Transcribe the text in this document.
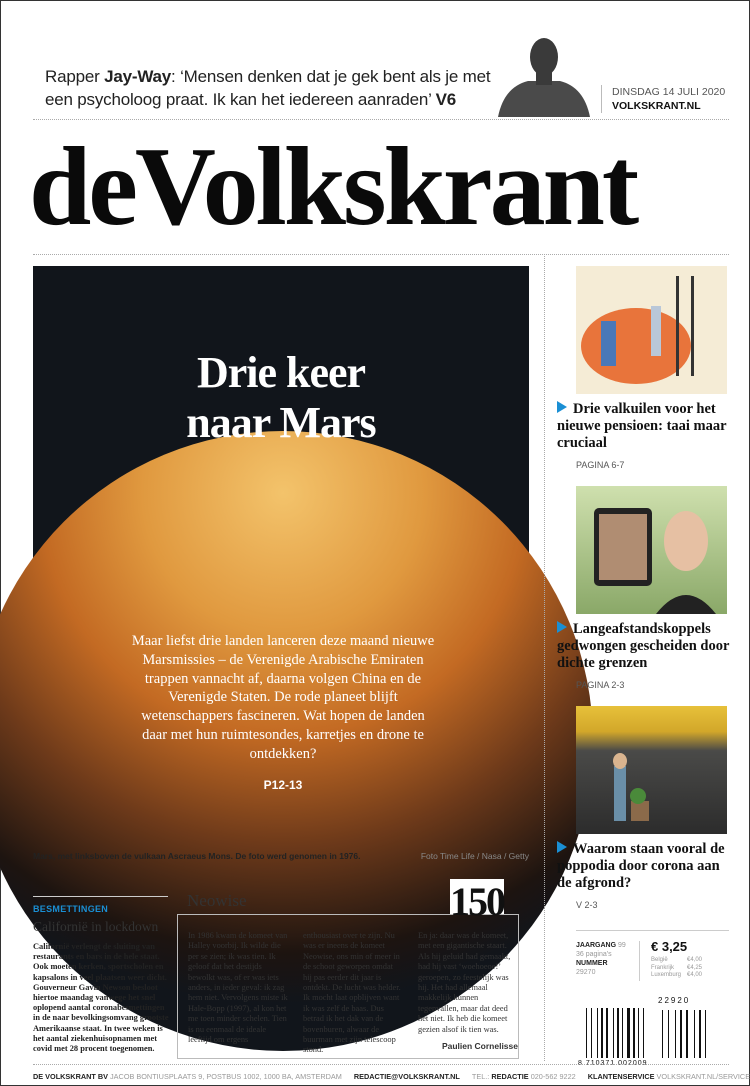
Rapper Jay-Way: ‘Mensen denken dat je gek bent als je met een psycholoog praat. Ik kan het iedereen aanraden’ V6	DINSDAG 14 JULI 2020
VOLKSKRANT.NL
deVolkskrant
Drie keer
naar Mars
Maar liefst drie landen lanceren deze maand nieuwe Marsmissies – de Verenigde Arabische Emiraten trappen vannacht af, daarna volgen China en de Verenigde Staten. De rode planeet blijft wetenschappers fascineren. Wat hopen de landen daar met hun ruimtesondes, karretjes en drone te ontdekken?
P12-13
Mars, met linksboven de vulkaan Ascraeus Mons. De foto werd genomen in 1976.	Foto Time Life / Nasa / Getty
Drie valkuilen voor het nieuwe pensioen: taai maar cruciaal
PAGINA 6-7
Langeafstandskoppels gedwongen gescheiden door dichte grenzen
PAGINA 2-3
Waarom staan vooral de poppodia door corona aan de afgrond?
V 2-3
JAARGANG 99
36 pagina's
NUMMER
29270
€ 3,25
België	€4,00
Frankrijk €4,25
Luxemburg €4,00
22920
8 710371 002009
BESMETTINGEN
Californië in lockdown
Californië verlengt de sluiting van restaurants en bars in de hele staat. Ook moeten kerken, sportscholen en kapsalons in veel plaatsen weer dicht. Gouverneur Gavin Newson besloot hiertoe maandag vanwege het snel oplopend aantal coronabesmettingen in de naar bevolkingsomvang grootste Amerikaanse staat. In twee weken is het aantal ziekenhuisopnamen met covid met 28 procent toegenomen.
Neowise	150
In 1986 kwam de komeet van Halley voorbij. Ik wilde die per se zien; ik was tien. Ik geloof dat het destijds bewolkt was, of er was iets anders, in ieder geval: ik zag hem niet. Vervolgens miste ik Hale-Bopp (1997), al kon het me toen minder schelen. Tien is nu eenmaal de ideale leeftijd om ergens
enthousiast over te zijn. Nu was er ineens de komeet Neowise, ons min of meer in de schoot geworpen omdat hij pas eerder dit jaar is ontdekt. De lucht was helder. Ik mocht laat opblijven want ik was zelf de baas. Dus betrad ik het dak van de bovenburen, alwaar de buurman met zijn telescoop stond.
En ja: daar was de komeet, met een gigantische staart. Als hij geluid had gemaakt, had hij vast ‘woehoeoe!’ geroepen, zo feestelijk was hij. Het had allemaal makkelijk kunnen tegenvallen, maar dat deed het niet. Ik heb die komeet gezien alsof ik tien was.
Paulien Cornelisse
DE VOLKSKRANT BV JACOB BONTIUSPLAATS 9, POSTBUS 1002, 1000 BA, AMSTERDAM REDACTIE@VOLKSKRANT.NL TEL.: REDACTIE 020-562 9222 KLANTENSERVICE VOLKSKRANT.NL/SERVICE
